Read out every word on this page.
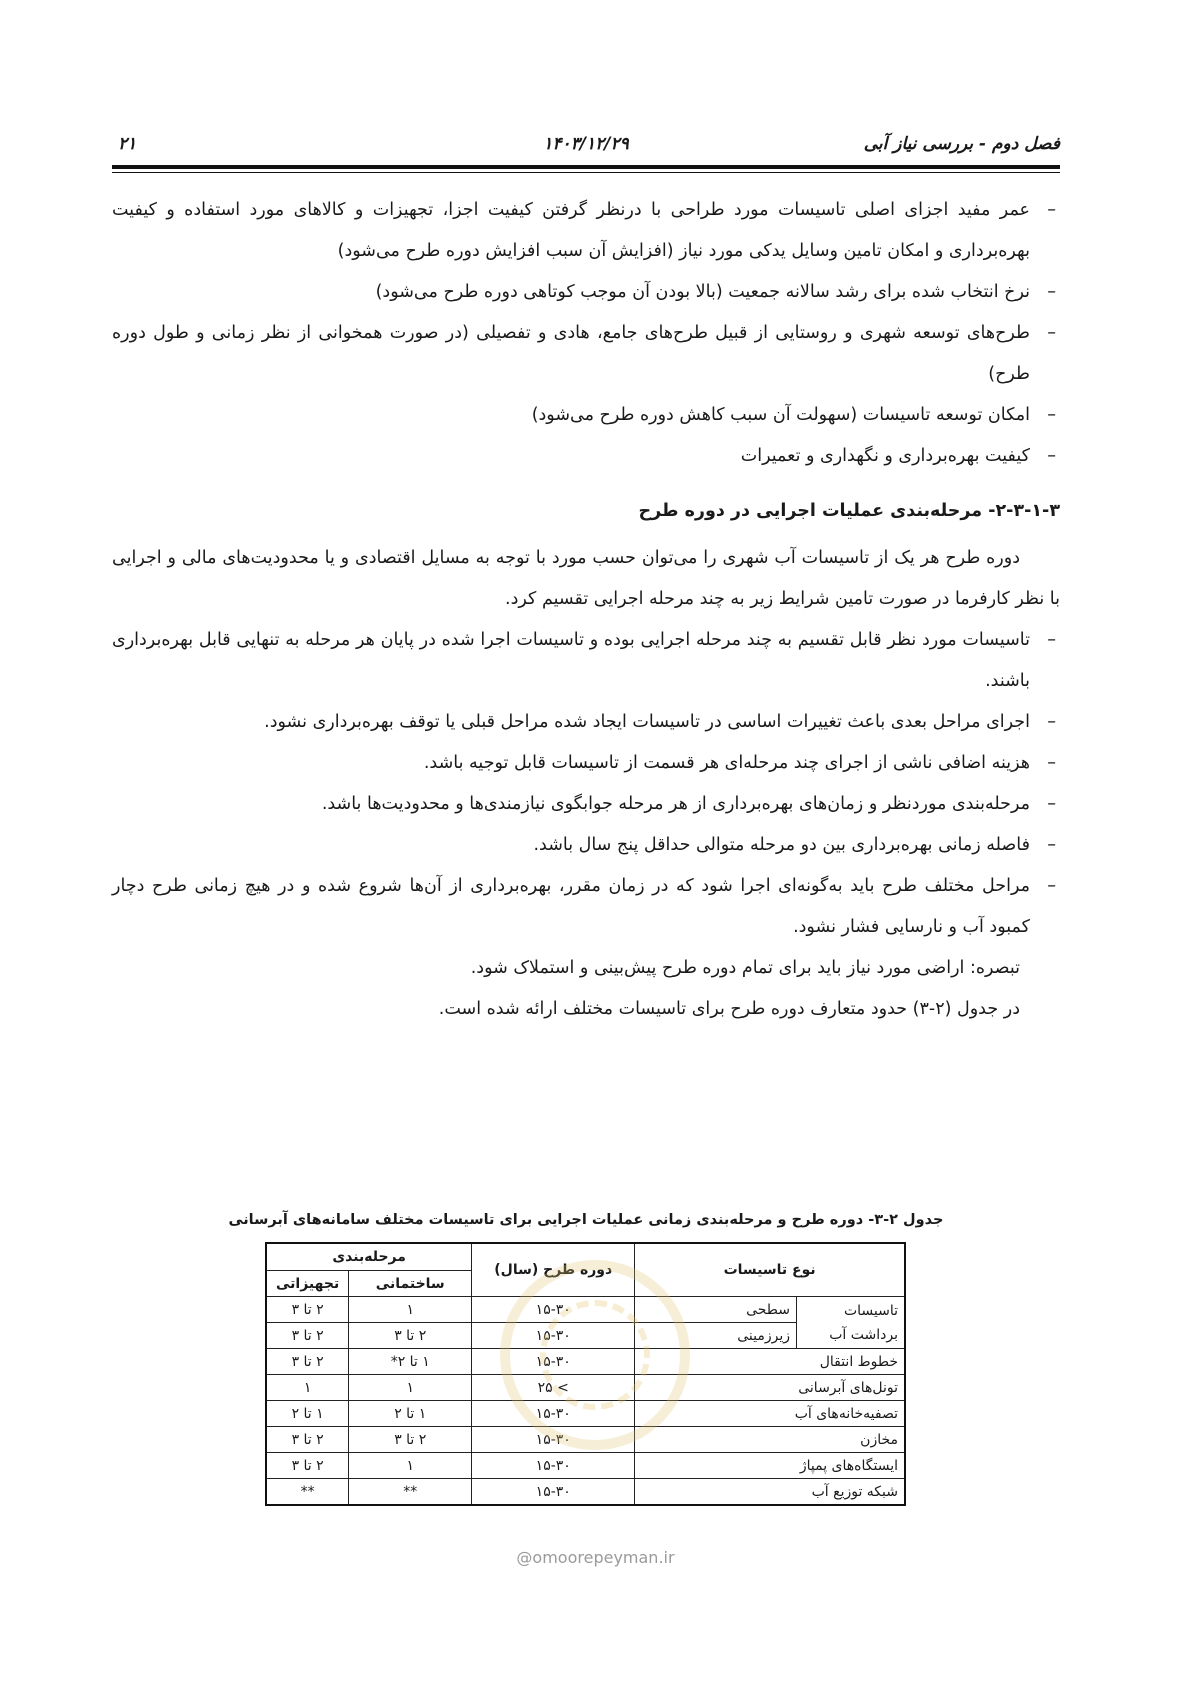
فصل دوم - بررسی نیاز آبی
۱۴۰۳/۱۲/۲۹
۲۱
–
عمر مفید اجزای اصلی تاسیسات مورد طراحی با درنظر گرفتن کیفیت اجزا، تجهیزات و کالاهای مورد استفاده و کیفیت بهره‌برداری و امکان تامین وسایل یدکی مورد نیاز (افزایش آن سبب افزایش دوره طرح می‌شود)
–
نرخ انتخاب شده برای رشد سالانه جمعیت (بالا بودن آن موجب کوتاهی دوره طرح می‌شود)
–
طرح‌های توسعه شهری و روستایی از قبیل طرح‌های جامع، هادی و تفصیلی (در صورت همخوانی از نظر زمانی و طول دوره طرح)
–
امکان توسعه تاسیسات (سهولت آن سبب کاهش دوره طرح می‌شود)
–
کیفیت بهره‌برداری و نگهداری و تعمیرات
۲-۳-۱-۳- مرحله‌بندی عملیات اجرایی در دوره طرح

دوره طرح هر یک از تاسیسات آب شهری را می‌توان حسب مورد با توجه به مسایل اقتصادی و یا محدودیت‌های مالی و اجرایی با نظر کارفرما در صورت تامین شرایط زیر به چند مرحله اجرایی تقسیم کرد.

–
تاسیسات مورد نظر قابل تقسیم به چند مرحله اجرایی بوده و تاسیسات اجرا شده در پایان هر مرحله به تنهایی قابل بهره‌برداری باشند.
–
اجرای مراحل بعدی باعث تغییرات اساسی در تاسیسات ایجاد شده مراحل قبلی یا توقف بهره‌برداری نشود.
–
هزینه اضافی ناشی از اجرای چند مرحله‌ای هر قسمت از تاسیسات قابل توجیه باشد.
–
مرحله‌بندی موردنظر و زمان‌های بهره‌برداری از هر مرحله جوابگوی نیازمندی‌ها و محدودیت‌ها باشد.
–
فاصله زمانی بهره‌برداری بین دو مرحله متوالی حداقل پنج سال باشد.
–
مراحل مختلف طرح باید به‌گونه‌ای اجرا شود که در زمان مقرر، بهره‌برداری از آن‌ها شروع شده و در هیچ زمانی طرح دچار کمبود آب و نارسایی فشار نشود.

تبصره: اراضی مورد نیاز باید برای تمام دوره طرح پیش‌بینی و استملاک شود.

در جدول (۲-۳) حدود متعارف دوره طرح برای تاسیسات مختلف ارائه شده است.

جدول ۲-۳- دوره طرح و مرحله‌بندی زمانی عملیات اجرایی برای تاسیسات مختلف سامانه‌های آبرسانی
نوع تاسیسات		دوره طرح (سال)	مرحله‌بندی	
			ساختمانی	تجهیزاتی
تاسیسات برداشت آب	سطحی	۱۵-۳۰	۱	۲ تا ۳
	زیرزمینی	۱۵-۳۰	۲ تا ۳	۲ تا ۳
خطوط انتقال		۱۵-۳۰	۱ تا ۲*	۲ تا ۳
تونل‌های آبرسانی		> ۲۵	۱	۱
تصفیه‌خانه‌های آب		۱۵-۳۰	۱ تا ۲	۱ تا ۲
مخازن		۱۵-۳۰	۲ تا ۳	۲ تا ۳
ایستگاه‌های پمپاژ		۱۵-۳۰	۱	۲ تا ۳
شبکه توزیع آب		۱۵-۳۰	**	**
@omoorepeyman.ir
